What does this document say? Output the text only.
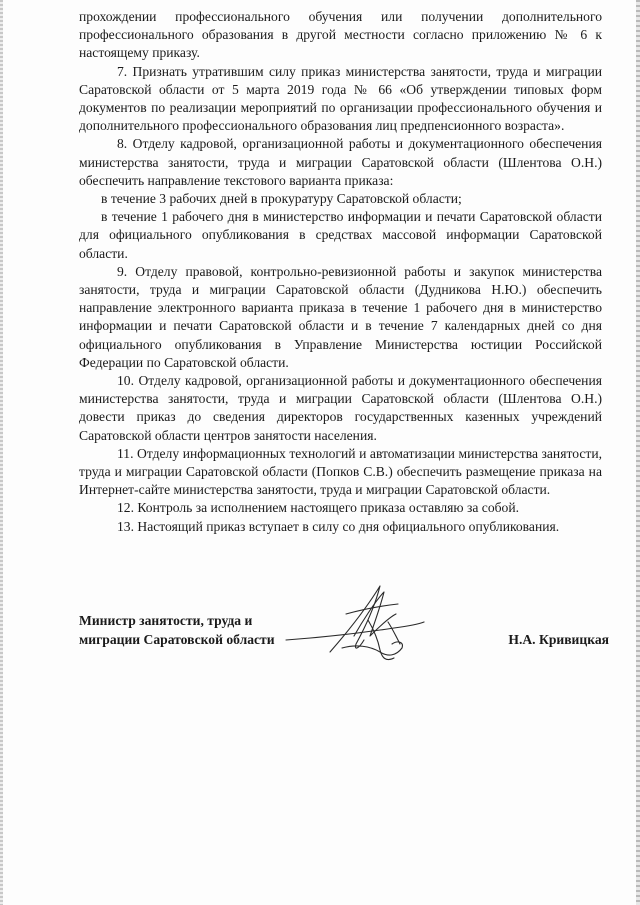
прохождении профессионального обучения или получении дополнительного профессионального образования в другой местности согласно приложению № 6 к настоящему приказу.

7. Признать утратившим силу приказ министерства занятости, труда и миграции Саратовской области от 5 марта 2019 года № 66 «Об утверждении типовых форм документов по реализации мероприятий по организации профессионального обучения и дополнительного профессионального образования лиц предпенсионного возраста».

8. Отделу кадровой, организационной работы и документационного обеспечения министерства занятости, труда и миграции Саратовской области (Шлентова О.Н.) обеспечить направление текстового варианта приказа:

в течение 3 рабочих дней в прокуратуру Саратовской области;

в течение 1 рабочего дня в министерство информации и печати Саратовской области для официального опубликования в средствах массовой информации Саратовской области.

9. Отделу правовой, контрольно-ревизионной работы и закупок министерства занятости, труда и миграции Саратовской области (Дудникова Н.Ю.) обеспечить направление электронного варианта приказа в течение 1 рабочего дня в министерство информации и печати Саратовской области и в течение 7 календарных дней со дня официального опубликования в Управление Министерства юстиции Российской Федерации по Саратовской области.

10. Отделу кадровой, организационной работы и документационного обеспечения министерства занятости, труда и миграции Саратовской области (Шлентова О.Н.) довести приказ до сведения директоров государственных казенных учреждений Саратовской области центров занятости населения.

11. Отделу информационных технологий и автоматизации министерства занятости, труда и миграции Саратовской области (Попков С.В.) обеспечить размещение приказа на Интернет-сайте министерства занятости, труда и миграции Саратовской области.

12. Контроль за исполнением настоящего приказа оставляю за собой.

13. Настоящий приказ вступает в силу со дня официального опубликования.

Министр занятости, труда и
миграции Саратовской области	Н.А. Кривицкая
